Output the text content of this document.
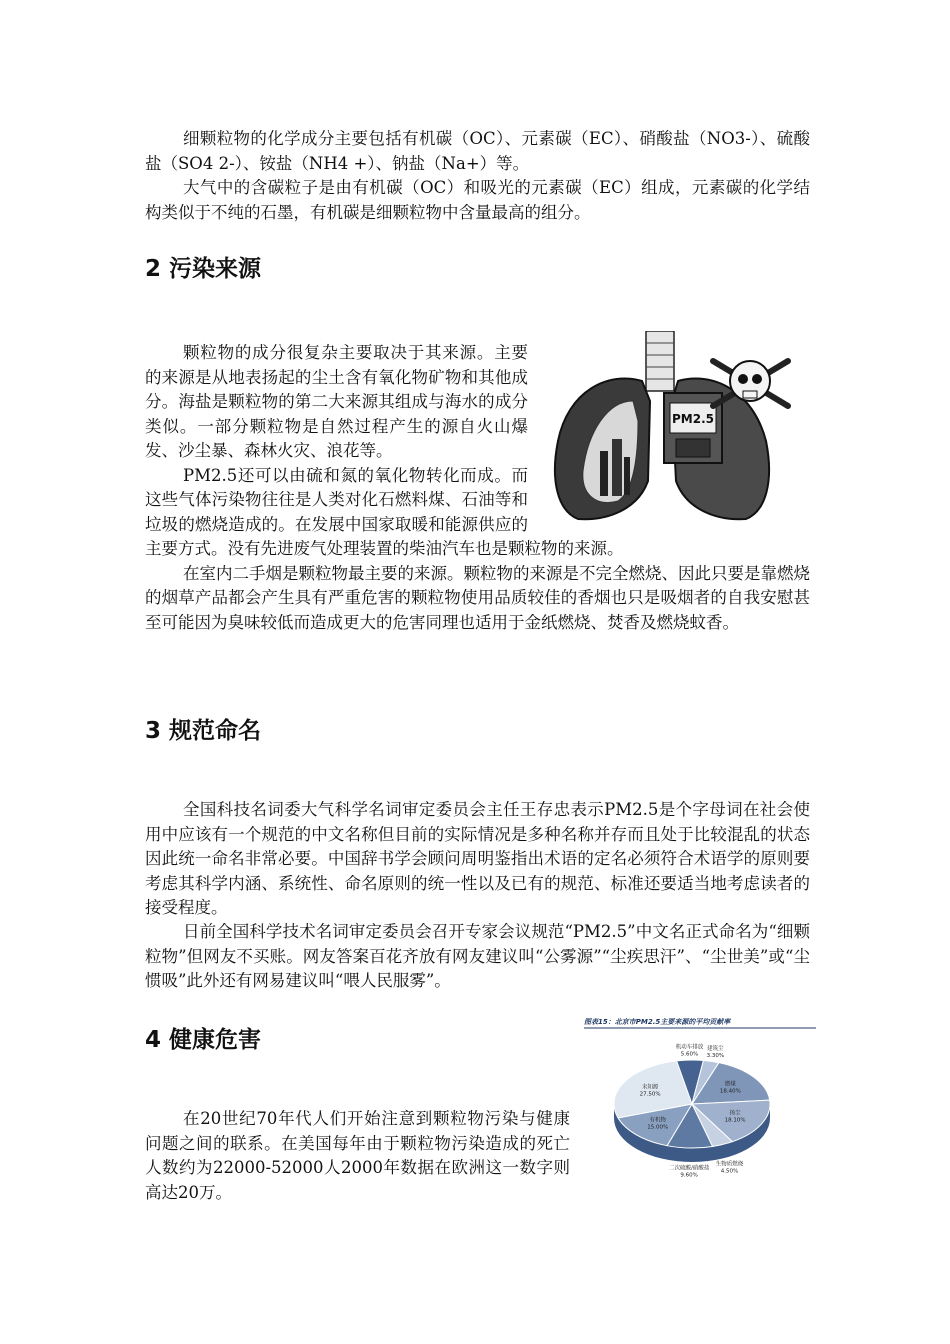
细颗粒物的化学成分主要包括有机碳（OC）、元素碳（EC）、硝酸盐（NO3-）、硫酸盐（SO4 2-）、铵盐（NH4 +）、钠盐（Na+）等。

大气中的含碳粒子是由有机碳（OC）和吸光的元素碳（EC）组成，元素碳的化学结构类似于不纯的石墨，有机碳是细颗粒物中含量最高的组分。

2 污染来源
PM2.5
颗粒物的成分很复杂主要取决于其来源。主要的来源是从地表扬起的尘土含有氧化物矿物和其他成分。海盐是颗粒物的第二大来源其组成与海水的成分类似。一部分颗粒物是自然过程产生的源自火山爆发、沙尘暴、森林火灾、浪花等。
PM2.5还可以由硫和氮的氧化物转化而成。而这些气体污染物往往是人类对化石燃料煤、石油等和垃圾的燃烧造成的。在发展中国家取暖和能源供应的主要方式。没有先进废气处理装置的柴油汽车也是颗粒物的来源。
在室内二手烟是颗粒物最主要的来源。颗粒物的来源是不完全燃烧、因此只要是靠燃烧的烟草产品都会产生具有严重危害的颗粒物使用品质较佳的香烟也只是吸烟者的自我安慰甚至可能因为臭味较低而造成更大的危害同理也适用于金纸燃烧、焚香及燃烧蚊香。
3 规范命名

全国科技名词委大气科学名词审定委员会主任王存忠表示PM2.5是个字母词在社会使用中应该有一个规范的中文名称但目前的实际情况是多种名称并存而且处于比较混乱的状态因此统一命名非常必要。中国辞书学会顾问周明鉴指出术语的定名必须符合术语学的原则要考虑其科学内涵、系统性、命名原则的统一性以及已有的规范、标准还要适当地考虑读者的接受程度。

日前全国科学技术名词审定委员会召开专家会议规范“PM2.5”中文名正式命名为“细颗粒物”但网友不买账。网友答案百花齐放有网友建议叫“公雾源”“尘疾思汗”、“尘世美”或“尘惯吸”此外还有网易建议叫“喂人民服雾”。

4 健康危害
图表15：北京市PM2.5主要来源的平均贡献率
燃煤
18.40%
扬尘
18.10%
生物质燃烧
4.50%
二次硫酸/硝酸盐
9.60%
有机物
15.00%
未知源
27.50%
机动车排放
5.60%
建筑尘
3.30%
在20世纪70年代人们开始注意到颗粒物污染与健康问题之间的联系。在美国每年由于颗粒物污染造成的死亡人数约为22000-52000人2000年数据在欧洲这一数字则高达20万。
